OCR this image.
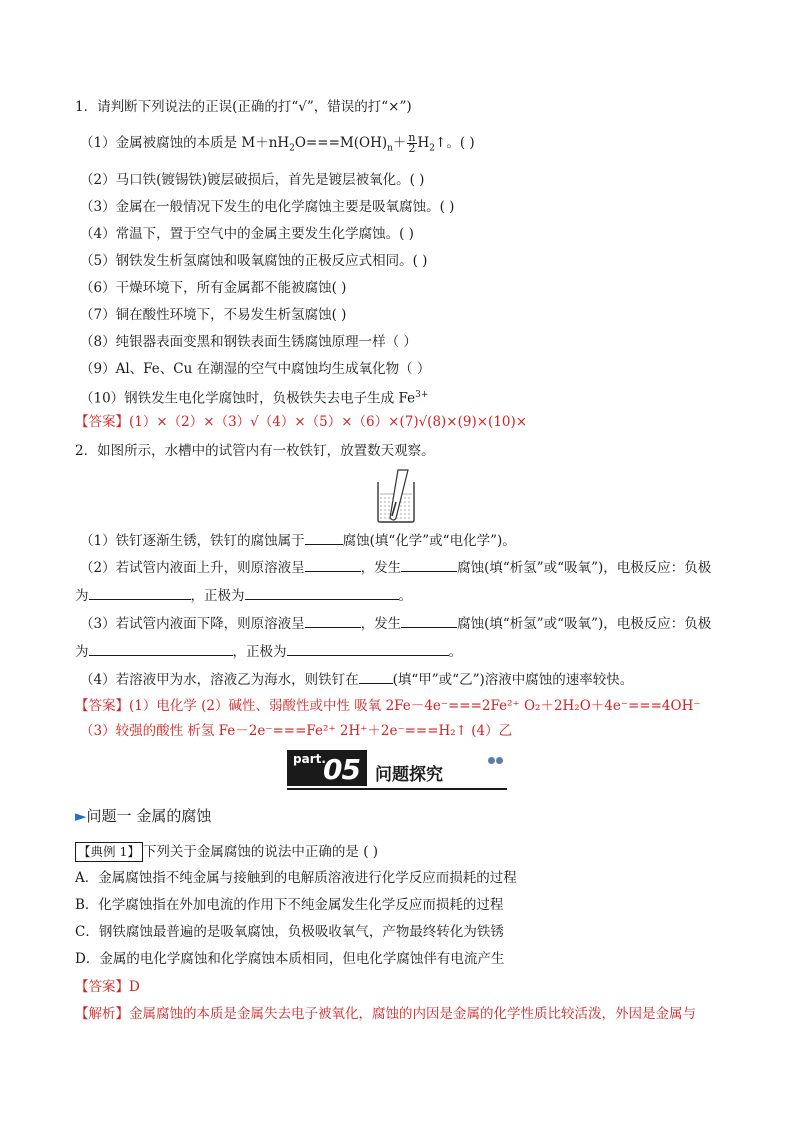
1．请判断下列说法的正误(正确的打“√”，错误的打“×”)
（1）金属被腐蚀的本质是 $M+nH_2O===M(OH)_n+ \frac{n}{2}$ $H_2↑$。( )
（2）马口铁(镀锡铁)镀层破损后，首先是镀层被氧化。( )
（3）金属在一般情况下发生的电化学腐蚀主要是吸氧腐蚀。( )
（4）常温下，置于空气中的金属主要发生化学腐蚀。( )
（5）钢铁发生析氢腐蚀和吸氧腐蚀的正极反应式相同。( )
（6）干燥环境下，所有金属都不能被腐蚀( )
（7）铜在酸性环境下，不易发生析氢腐蚀( )
（8）纯银器表面变黑和钢铁表面生锈腐蚀原理一样（ ）
（9）Al、Fe、Cu 在潮湿的空气中腐蚀均生成氧化物（ ）
（10）钢铁发生电化学腐蚀时，负极铁失去电子生成 $Fe^{3+}$
【答案】(1）×（2）×（3）√（4）×（5）×（6）×(7)√(8)×(9)×(10)×
2．如图所示，水槽中的试管内有一枚铁钉，放置数天观察。
（1）铁钉逐渐生锈，铁钉的腐蚀属于	腐蚀(填“化学”或“电化学”)。
（2）若试管内液面上升，则原溶液呈	，发生	腐蚀(填“析氢”或“吸氧”)，电极反应：负极
为	，正极为	。
（3）若试管内液面下降，则原溶液呈	，发生	腐蚀(填“析氢”或“吸氧”)，电极反应：负极
为	，正极为	。
（4）若溶液甲为水，溶液乙为海水，则铁钉在	(填“甲”或“乙”)溶液中腐蚀的速率较快。
【答案】(1）电化学 (2）碱性、弱酸性或中性 吸氧 2Fe－4e⁻===2Fe²⁺ O₂＋2H₂O＋4e⁻===4OH⁻
（3）较强的酸性 析氢 Fe－2e⁻===Fe²⁺ 2H⁺＋2e⁻===H₂↑ (4）乙
part.
05 问题探究
►问题一 金属的腐蚀
【典例 1】 下列关于金属腐蚀的说法中正确的是 ( )
A．金属腐蚀指不纯金属与接触到的电解质溶液进行化学反应而损耗的过程
B．化学腐蚀指在外加电流的作用下不纯金属发生化学反应而损耗的过程
C．钢铁腐蚀最普遍的是吸氧腐蚀，负极吸收氧气，产物最终转化为铁锈
D．金属的电化学腐蚀和化学腐蚀本质相同，但电化学腐蚀伴有电流产生
【答案】D
【解析】金属腐蚀的本质是金属失去电子被氧化，腐蚀的内因是金属的化学性质比较活泼，外因是金属与
